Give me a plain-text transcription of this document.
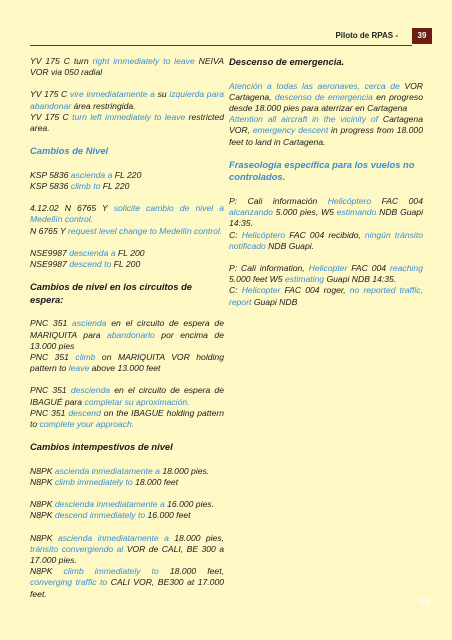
Piloto de RPAS -	39

YV 175 C turn right immediately to leave NEIVA VOR via 050 radial

YV 175 C vire inmediatamente a su izquierda para abandonar área restringida.

YV 175 C turn left immediately to leave restricted area.

Cambios de Nivel

KSP 5836 ascienda a FL 220

KSP 5836 climb to FL 220

4.12.02 N 6765 Y solicite cambio de nivel a Medellín control.

N 6765 Y request level change to Medellín control.

NSE9987 descienda a FL 200

NSE9987 descend to FL 200

Cambios de nivel en los circuitos de espera:

PNC 351 ascienda en el circuito de espera de MARIQUITA para abandonarlo por encima de 13.000 pies

PNC 351 climb on MARIQUITA VOR holding pattern to leave above 13.000 feet

PNC 351 descienda en el circuito de espera de IBAGUÉ para completar su aproximación.

PNC 351 descend on the IBAGUE holding pattern to complete your approach.

Cambios intempestivos de nivel

N8PK ascienda inmediatamente a 18.000 pies.

N8PK climb immediately to 18.000 feet

N8PK descienda inmediatamente a 16.000 pies.

N8PK descend immediately to 16.000 feet

N8PK ascienda inmediatamente a 18.000 pies, tránsito convergiendo al VOR de CALI, BE 300 a 17.000 pies.

N8PK climb immediately to 18.000 feet, converging traffic to CALI VOR, BE300 at 17.000 feet.

Descenso de emergencia.

Atención a todas las aeronaves, cerca de VOR Cartagena, descenso de emergencia en progreso desde 18.000 pies para aterrizar en Cartagena

Attention all aircraft in the vicinity of Cartagena VOR, emergency descent in progress from 18.000 feet to land in Cartagena.

Fraseología específica para los vuelos no controlados.

P: Cali información Helicóptero FAC 004 alcanzando 5.000 pies, W5 estimando NDB Guapi 14:35.

C: Helicóptero FAC 004 recibido, ningún tránsito notificado NDB Guapi.

P: Cali information, Helicopter FAC 004 reaching 5.000 feet W5 estimating Guapi NDB 14:35.

C: Helicopter FAC 004 roger, no reported traffic, report Guapi NDB

39
